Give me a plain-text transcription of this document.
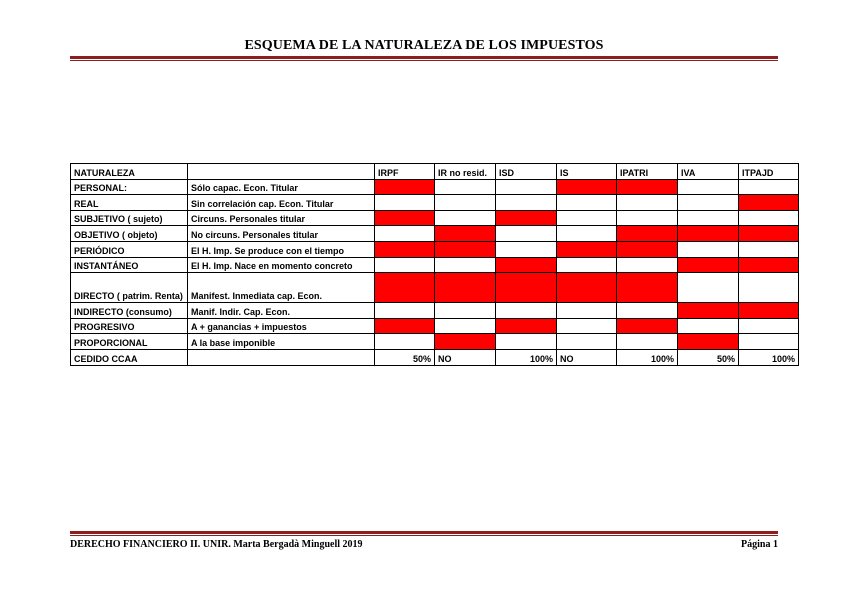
ESQUEMA DE LA NATURALEZA DE LOS IMPUESTOS
NATURALEZA		IRPF	IR no resid.	ISD	IS	IPATRI	IVA	ITPAJD
PERSONAL:	Sólo capac. Econ. Titular							
REAL	Sin correlación cap. Econ. Titular							
SUBJETIVO ( sujeto)	Circuns. Personales titular							
OBJETIVO ( objeto)	No circuns. Personales titular							
PERIÓDICO	El H. Imp. Se produce con el tiempo							
INSTANTÁNEO	El H. Imp. Nace en momento concreto							
DIRECTO ( patrim. Renta)	Manifest. Inmediata cap. Econ.							
INDIRECTO (consumo)	Manif. Indir. Cap. Econ.							
PROGRESIVO	A + ganancias + impuestos							
PROPORCIONAL	A la base imponible							
CEDIDO CCAA		50%	NO	100%	NO	100%	50%	100%
DERECHO FINANCIERO II. UNIR. Marta Bergadà Minguell 2019	Página 1
